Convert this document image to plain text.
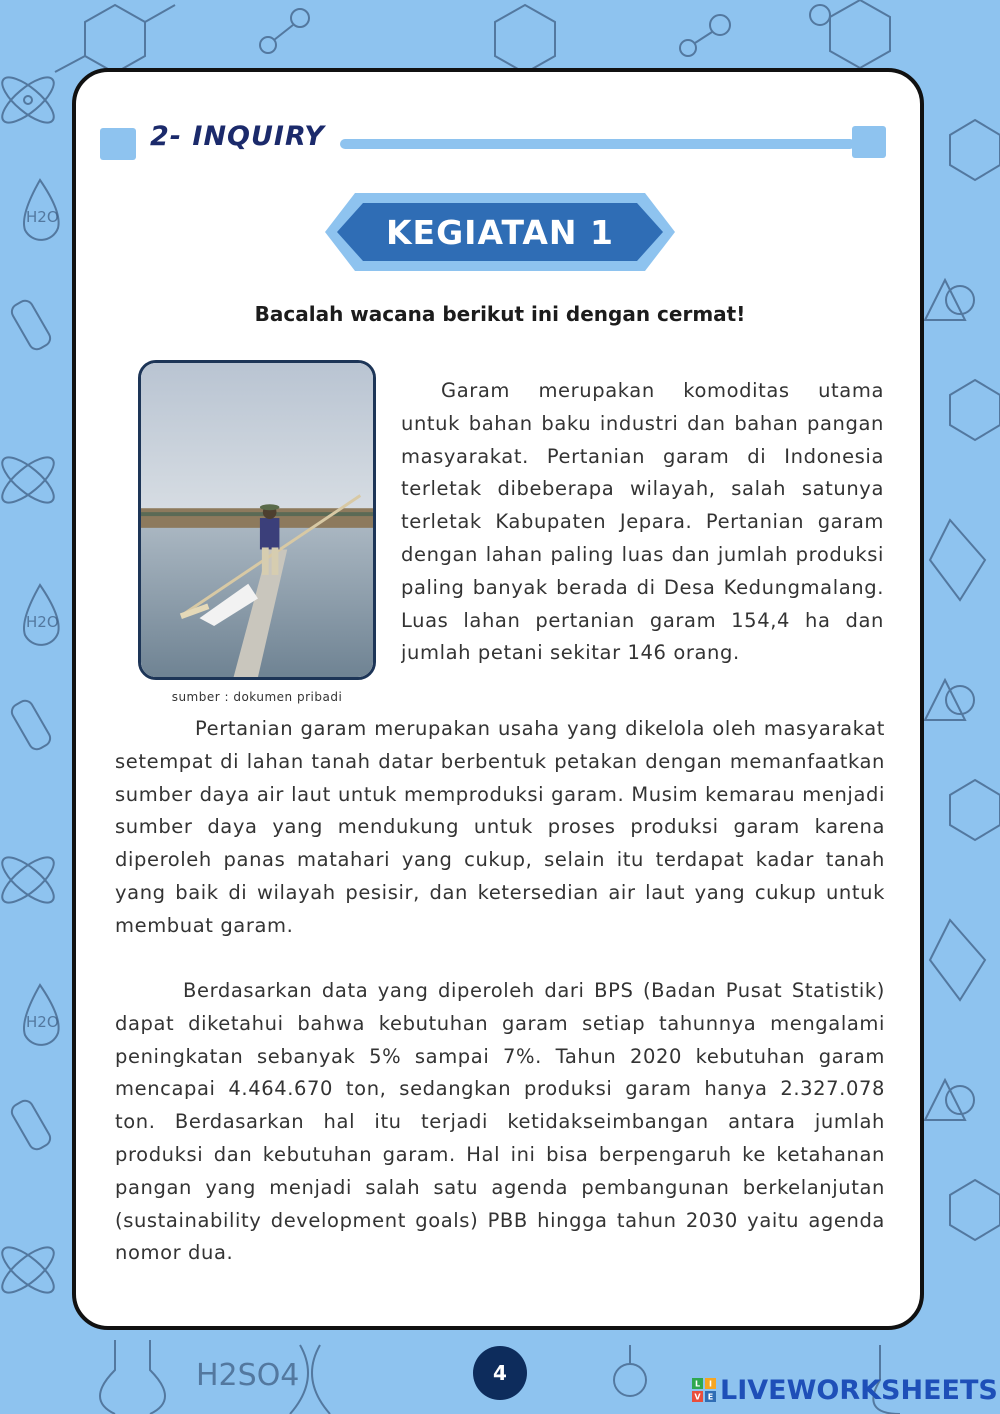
H2O
H2O
H2O
H2SO4
2- INQUIRY
KEGIATAN 1
Bacalah wacana berikut ini dengan cermat!
sumber : dokumen pribadi

Garam merupakan komoditas utama untuk bahan baku industri dan bahan pangan masyarakat. Pertanian garam di Indonesia terletak dibeberapa wilayah, salah satunya terletak Kabupaten Jepara. Pertanian garam dengan lahan paling luas dan jumlah produksi paling banyak berada di Desa Kedungmalang. Luas lahan pertanian garam 154,4 ha dan jumlah petani sekitar 146 orang.

Pertanian garam merupakan usaha yang dikelola oleh masyarakat setempat di lahan tanah datar berbentuk petakan dengan memanfaatkan sumber daya air laut untuk memproduksi garam. Musim kemarau menjadi sumber daya yang mendukung untuk proses produksi garam karena diperoleh panas matahari yang cukup, selain itu terdapat kadar tanah yang baik di wilayah pesisir, dan ketersedian air laut yang cukup untuk membuat garam.

Berdasarkan data yang diperoleh dari BPS (Badan Pusat Statistik) dapat diketahui bahwa kebutuhan garam setiap tahunnya mengalami peningkatan sebanyak 5% sampai 7%. Tahun 2020 kebutuhan garam mencapai 4.464.670 ton, sedangkan produksi garam hanya 2.327.078 ton. Berdasarkan hal itu terjadi ketidakseimbangan antara jumlah produksi dan kebutuhan garam. Hal ini bisa berpengaruh ke ketahanan pangan yang menjadi salah satu agenda pembangunan berkelanjutan (sustainability development goals) PBB hingga tahun 2030 yaitu agenda nomor dua.

4	L I
V E LIVEWORKSHEETS
